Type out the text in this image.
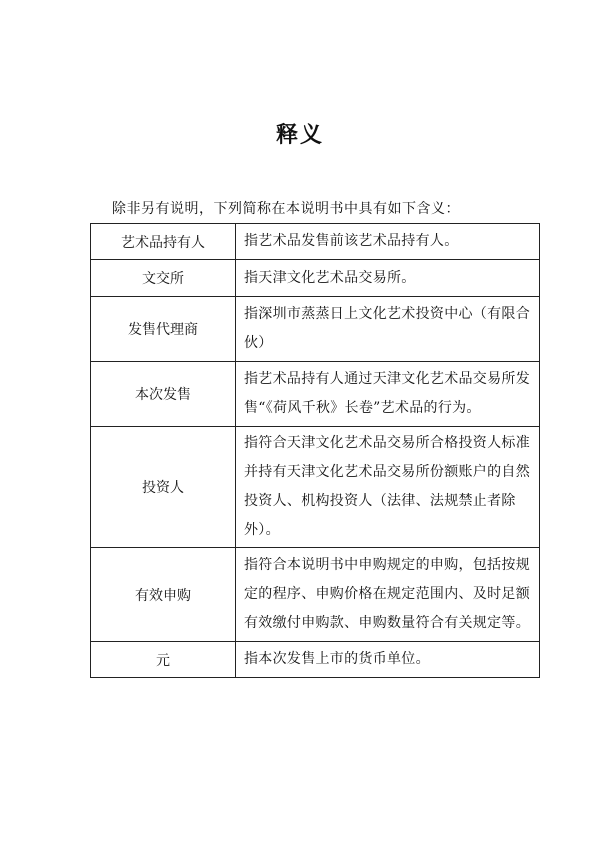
释义
除非另有说明，下列简称在本说明书中具有如下含义：
艺术品持有人	指艺术品发售前该艺术品持有人。
文交所	指天津文化艺术品交易所。
发售代理商	指深圳市蒸蒸日上文化艺术投资中心（有限合伙）
本次发售	指艺术品持有人通过天津文化艺术品交易所发售“《荷风千秋》长卷”艺术品的行为。
投资人	指符合天津文化艺术品交易所合格投资人标准并持有天津文化艺术品交易所份额账户的自然投资人、机构投资人（法律、法规禁止者除外）。
有效申购	指符合本说明书中申购规定的申购，包括按规定的程序、申购价格在规定范围内、及时足额有效缴付申购款、申购数量符合有关规定等。
元	指本次发售上市的货币单位。
